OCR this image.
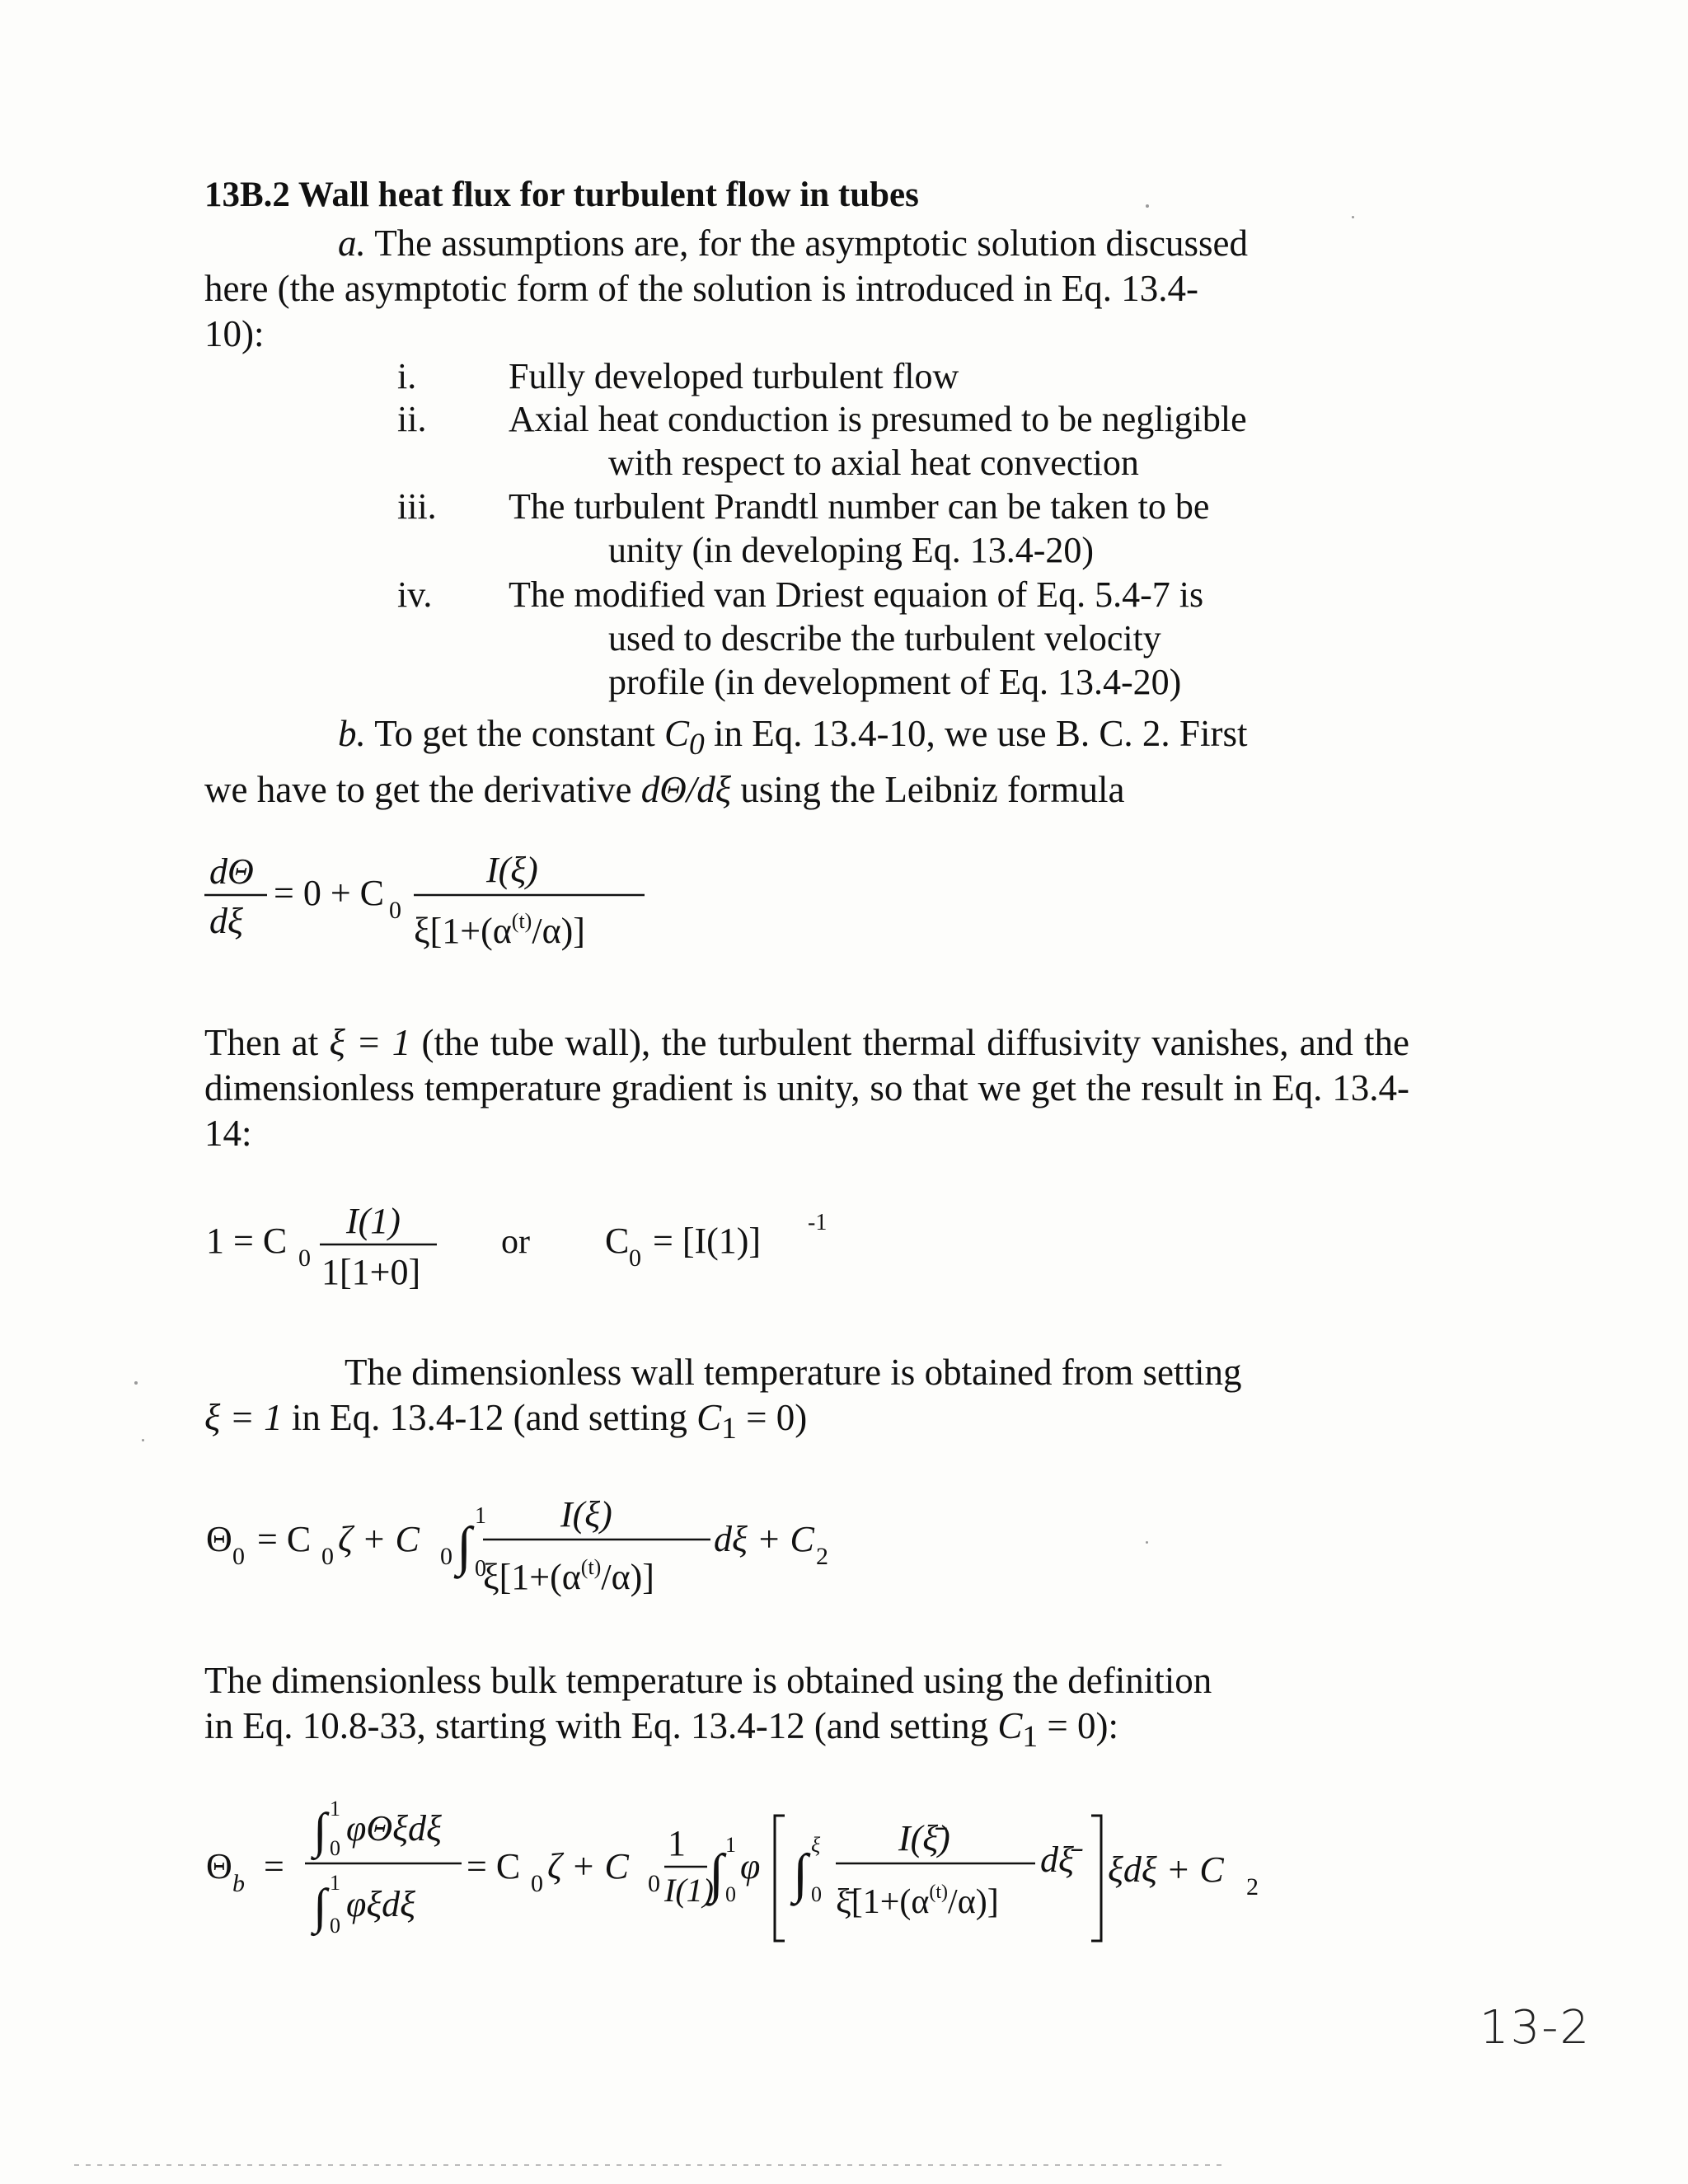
13B.2 Wall heat flux for turbulent flow in tubes
a. The assumptions are, for the asymptotic solution discussed
here (the asymptotic form of the solution is introduced in Eq. 13.4-
10):
i.	Fully developed turbulent flow
ii.	Axial heat conduction is presumed to be negligible
with respect to axial heat convection
iii.	The turbulent Prandtl number can be taken to be
unity (in developing Eq. 13.4-20)
iv.	The modified van Driest equaion of Eq. 5.4-7 is
used to describe the turbulent velocity
profile (in development of Eq. 13.4-20)
b. To get the constant $C_0$ in Eq. 13.4-10, we use B. C. 2. First
we have to get the derivative dΘ/dξ using the Leibniz formula
dΘ
dξ
= 0 + C 0
I(ξ)
$\xi[1+(\alpha^{(t)}/\alpha)]$
Then at ξ = 1 (the tube wall), the turbulent thermal diffusivity vanishes, and the dimensionless temperature gradient is unity, so that we get the result in Eq. 13.4-14:
1 = C 0
I(1)
1[1+0]
or C 0 = [I(1)] -1
The dimensionless wall temperature is obtained from setting
ξ = 1 in Eq. 13.4-12 (and setting $C_1 = 0$)
Θ 0 = C 0 ζ + C 0 ∫
1
0
I(ξ)
$\xi[1+(\alpha^{(t)}/\alpha)]$
dξ + C 2
The dimensionless bulk temperature is obtained using the definition
in Eq. 10.8-33, starting with Eq. 13.4-12 (and setting $C_1 = 0$):
Θ b =
∫ 1
0 φΘξdξ
∫ 1
0
φξdξ
= C 0 ζ + C 0
1
I(1)
∫ 1
0
φ ∫ ξ
0
I(ξ̄)
$\xī[1+(\alpha^{(t)}/\alpha)]$
dξ̄ ξdξ + C 2
13-2
